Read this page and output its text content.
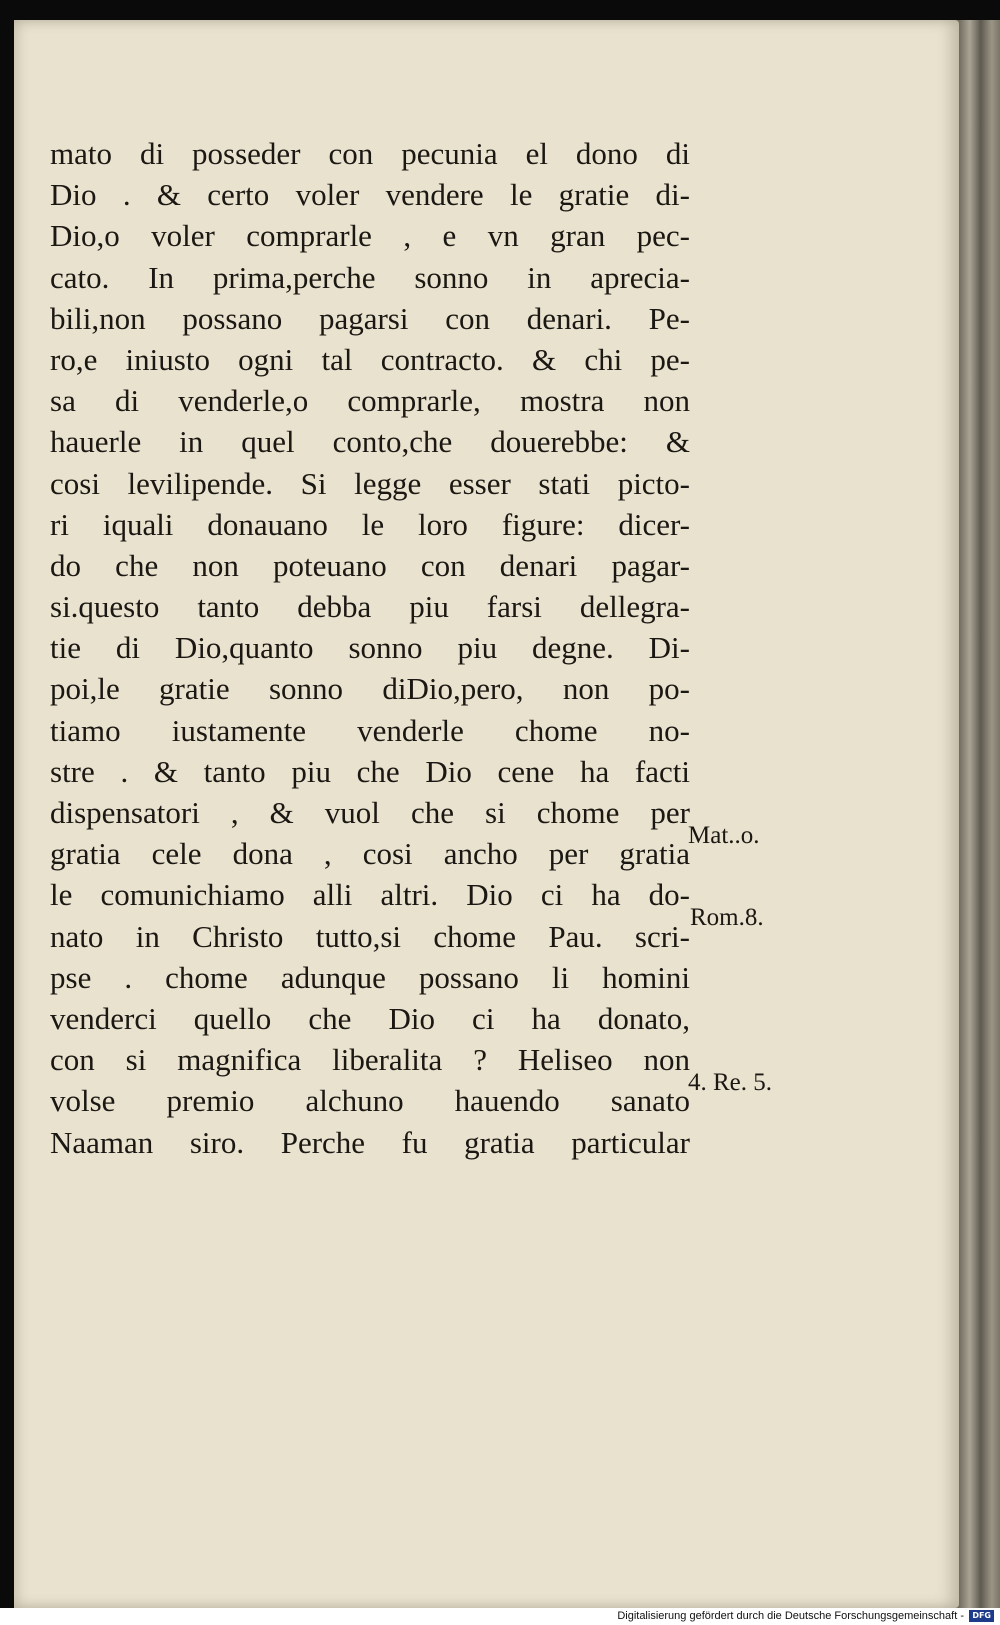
mato di posseder con pecunia el dono di
Dio . & certo voler vendere le gratie di-
Dio,o voler comprarle , e vn gran pec-
cato. In prima,perche sonno in aprecia-
bili,non possano pagarsi con denari. Pe-
ro,e iniusto ogni tal contracto. & chi pe-
sa di venderle,o comprarle, mostra non
hauerle in quel conto,che douerebbe: &
cosi levilipende. Si legge esser stati picto-
ri iquali donauano le loro figure: dicer-
do che non poteuano con denari pagar-
si.questo tanto debba piu farsi dellegra-
tie di Dio,quanto sonno piu degne. Di-
poi,le gratie sonno diDio,pero, non po-
tiamo iustamente venderle chome no-
stre . & tanto piu che Dio cene ha facti
dispensatori , & vuol che si chome per
gratia cele dona , cosi ancho per gratia
le comunichiamo alli altri. Dio ci ha do-
nato in Christo tutto,si chome Pau. scri-
pse . chome adunque possano li homini
venderci quello che Dio ci ha donato,
con si magnifica liberalita ? Heliseo non
volse premio alchuno hauendo sanato
Naaman siro. Perche fu gratia particular
Mat..o.
Rom.8.
4. Re. 5.
Digitalisierung gefördert durch die Deutsche Forschungsgemeinschaft -	DFG
